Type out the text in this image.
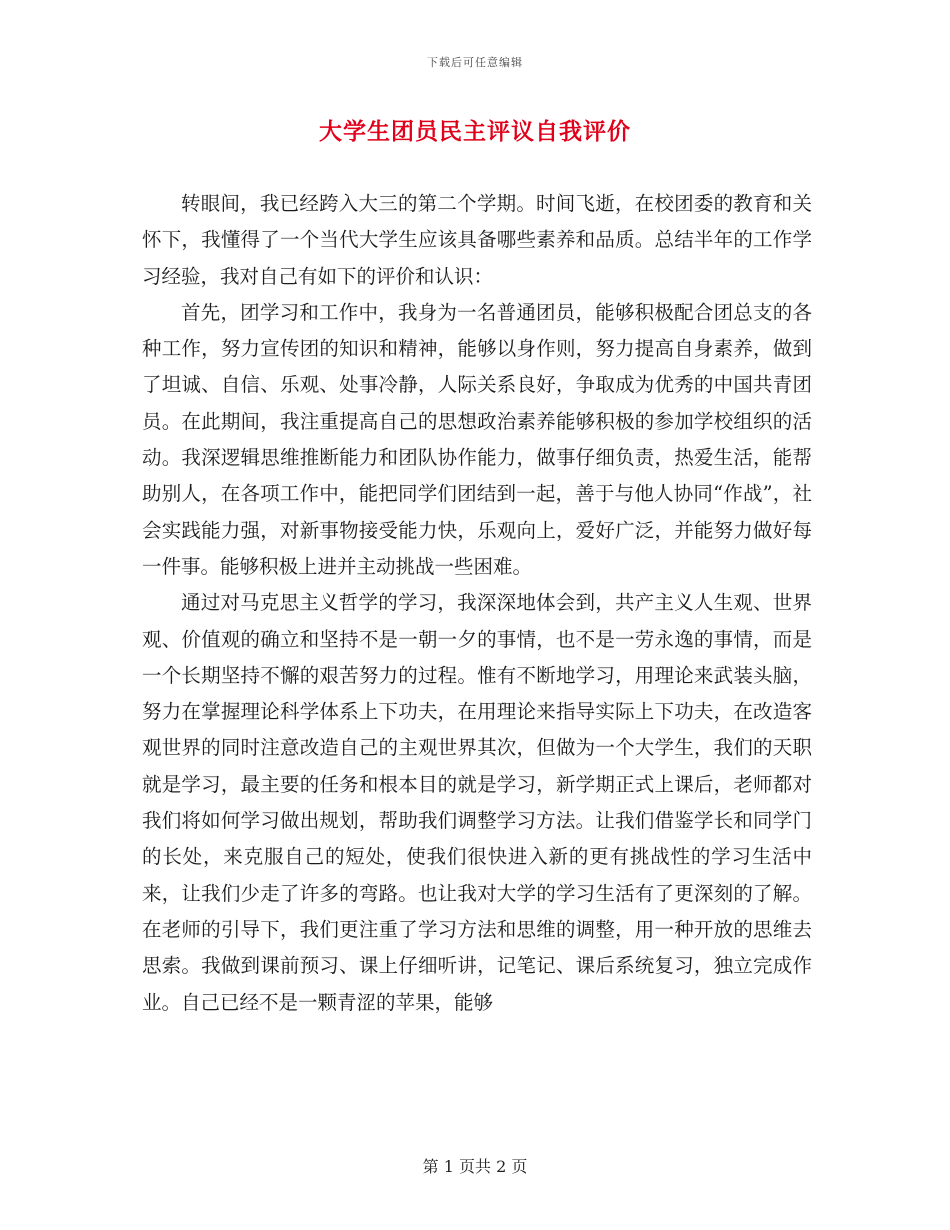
下载后可任意编辑
大学生团员民主评议自我评价

转眼间，我已经跨入大三的第二个学期。时间飞逝，在校团委的教育和关怀下，我懂得了一个当代大学生应该具备哪些素养和品质。总结半年的工作学习经验，我对自己有如下的评价和认识：

首先，团学习和工作中，我身为一名普通团员，能够积极配合团总支的各种工作，努力宣传团的知识和精神，能够以身作则，努力提高自身素养，做到了坦诚、自信、乐观、处事冷静，人际关系良好，争取成为优秀的中国共青团员。在此期间，我注重提高自己的思想政治素养能够积极的参加学校组织的活动。我深逻辑思维推断能力和团队协作能力，做事仔细负责，热爱生活，能帮助别人，在各项工作中，能把同学们团结到一起，善于与他人协同“作战”，社会实践能力强，对新事物接受能力快，乐观向上，爱好广泛，并能努力做好每一件事。能够积极上进并主动挑战一些困难。

通过对马克思主义哲学的学习，我深深地体会到，共产主义人生观、世界观、价值观的确立和坚持不是一朝一夕的事情，也不是一劳永逸的事情，而是一个长期坚持不懈的艰苦努力的过程。惟有不断地学习，用理论来武装头脑，努力在掌握理论科学体系上下功夫，在用理论来指导实际上下功夫，在改造客观世界的同时注意改造自己的主观世界其次，但做为一个大学生，我们的天职就是学习，最主要的任务和根本目的就是学习，新学期正式上课后，老师都对我们将如何学习做出规划，帮助我们调整学习方法。让我们借鉴学长和同学门的长处，来克服自己的短处，使我们很快进入新的更有挑战性的学习生活中来，让我们少走了许多的弯路。也让我对大学的学习生活有了更深刻的了解。在老师的引导下，我们更注重了学习方法和思维的调整，用一种开放的思维去思索。我做到课前预习、课上仔细听讲，记笔记、课后系统复习，独立完成作业。自己已经不是一颗青涩的苹果，能够

第 1 页共 2 页
